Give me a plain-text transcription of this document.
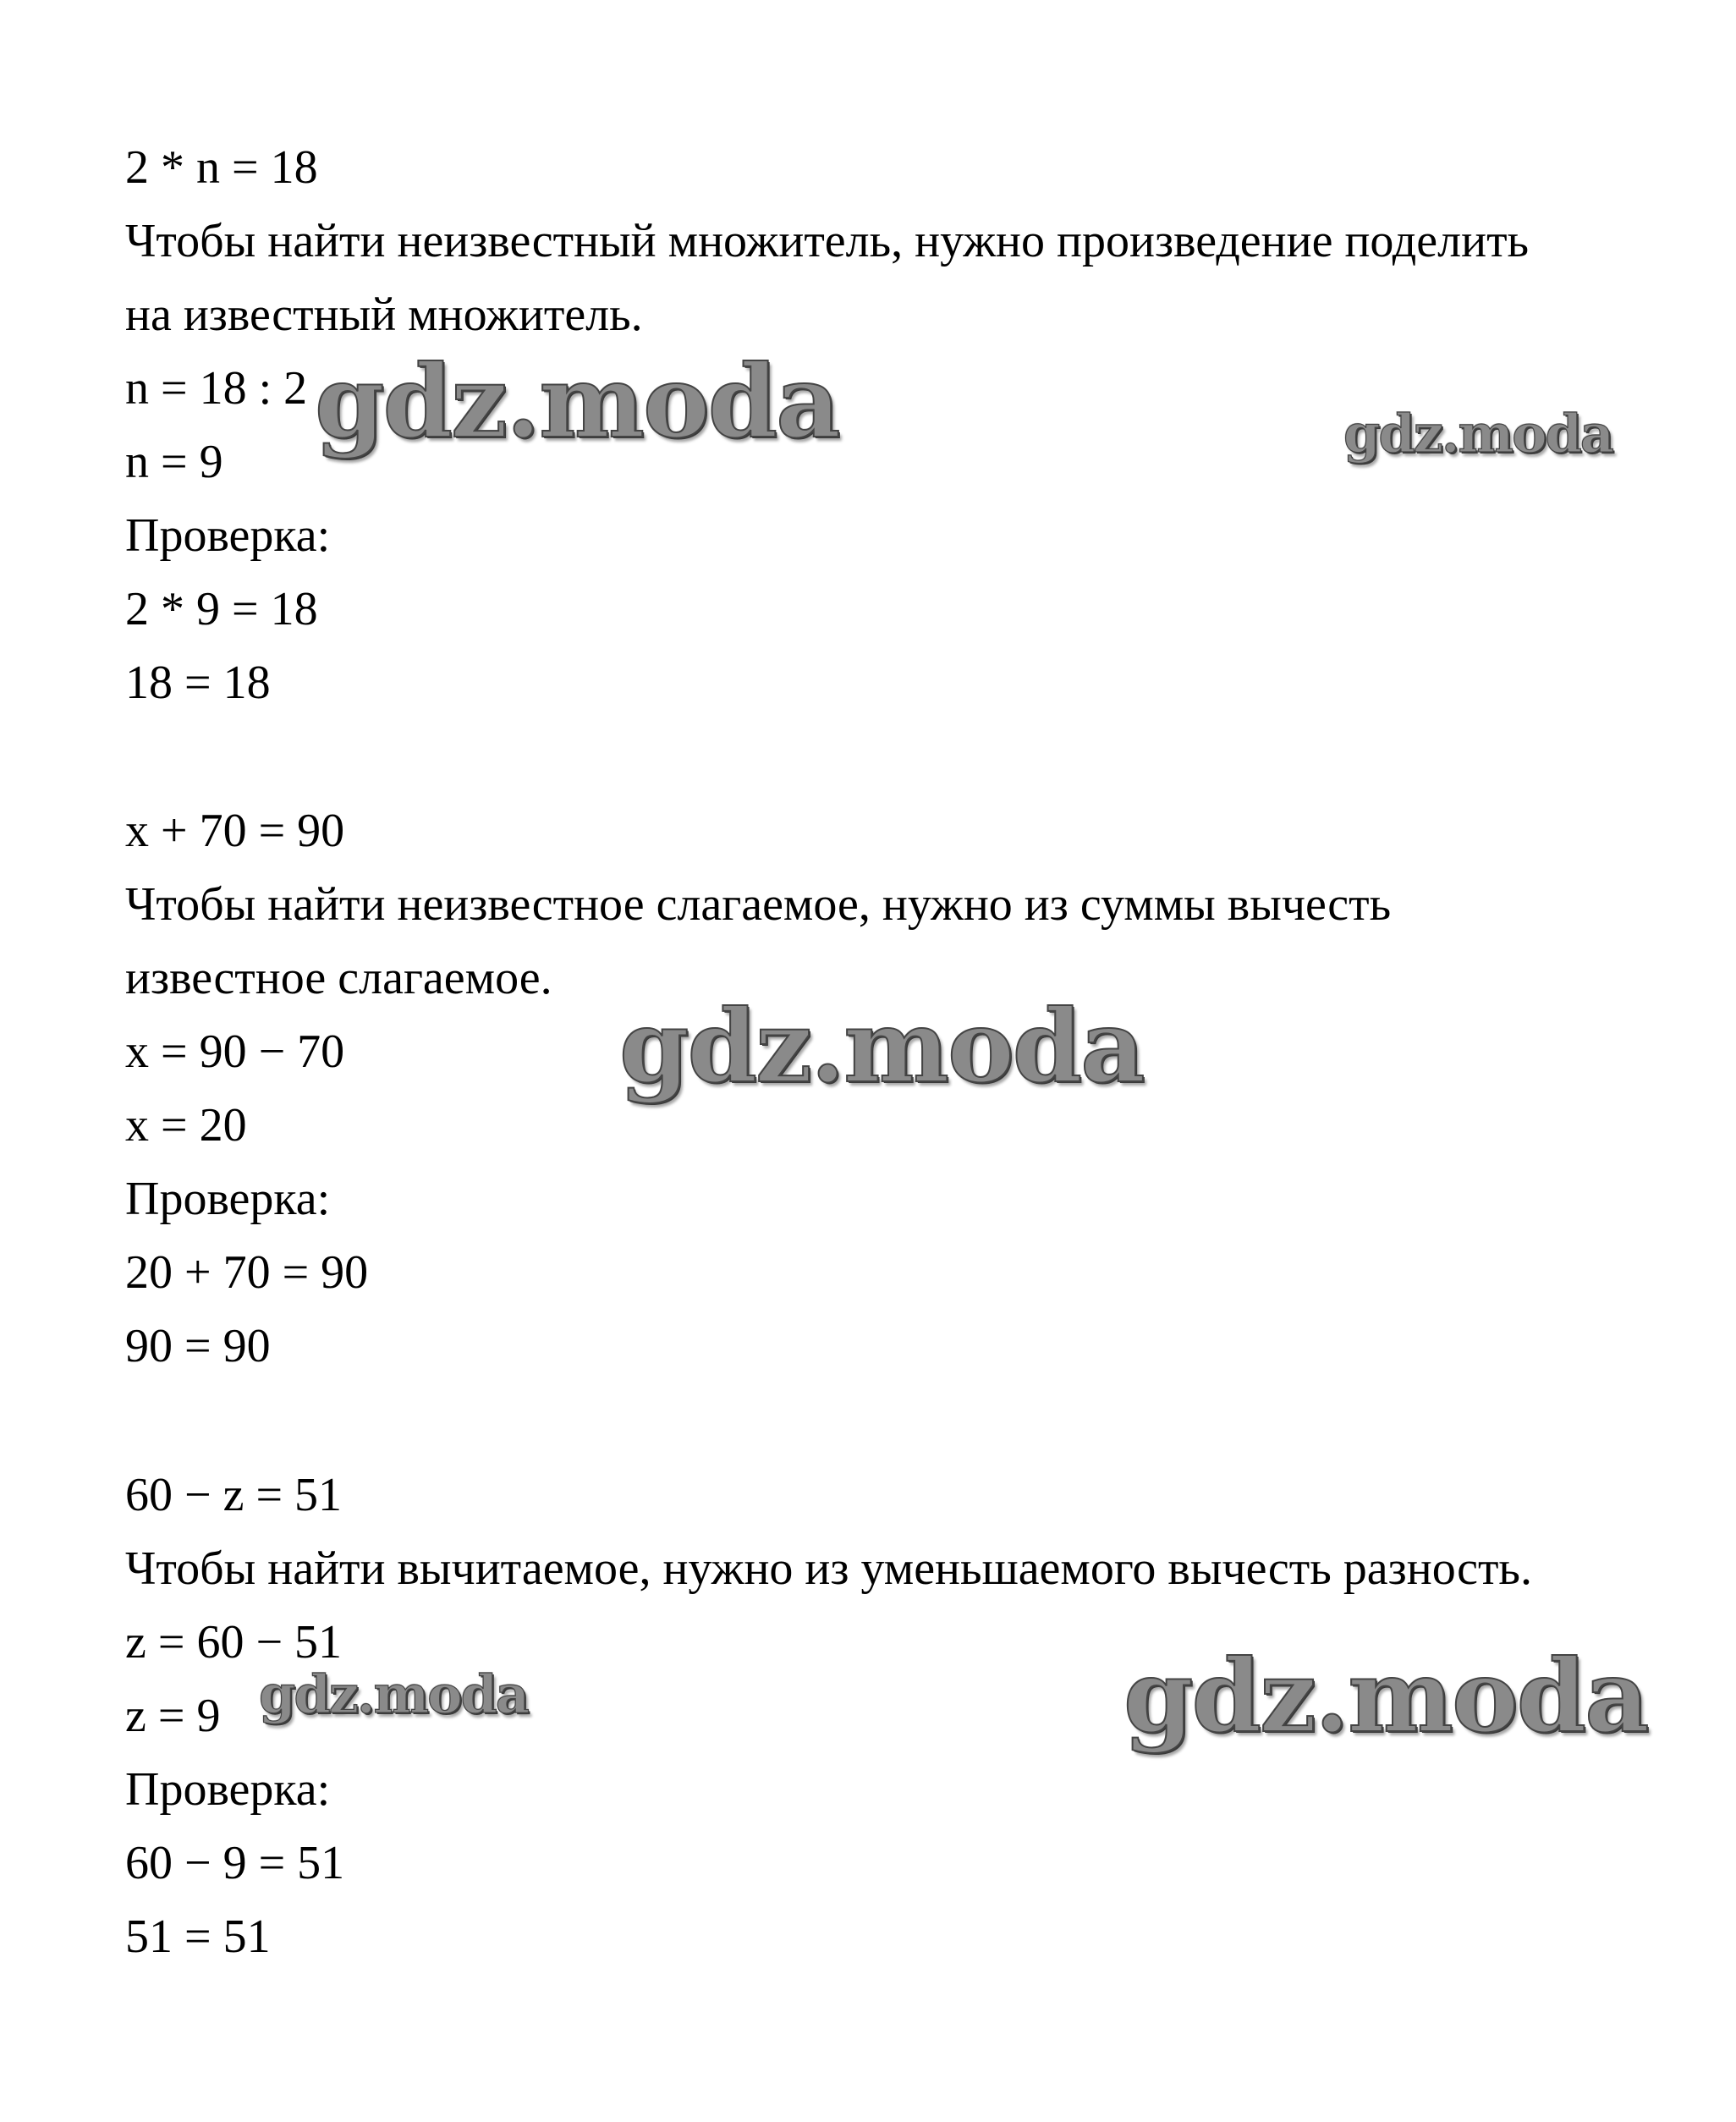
2 * n = 18
Чтобы найти неизвестный множитель, нужно произведение поделить
на известный множитель.
n = 18 : 2
n = 9
Проверка:
2 * 9 = 18
18 = 18
x + 70 = 90
Чтобы найти неизвестное слагаемое, нужно из суммы вычесть
известное слагаемое.
x = 90 − 70
x = 20
Проверка:
20 + 70 = 90
90 = 90
60 − z = 51
Чтобы найти вычитаемое, нужно из уменьшаемого вычесть разность.
z = 60 − 51
z = 9
Проверка:
60 − 9 = 51
51 = 51
gdz.moda	gdz.moda
gdz.moda
gdz.moda	gdz.moda
